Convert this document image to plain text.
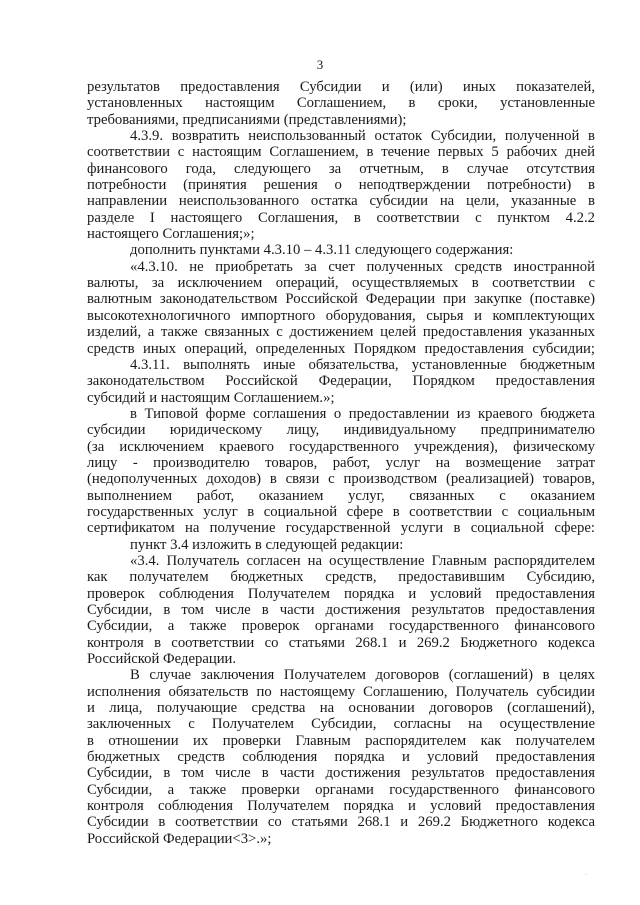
3

результатов предоставления Субсидии и (или) иных показателей,

установленных настоящим Соглашением, в сроки, установленные

требованиями, предписаниями (представлениями);

4.3.9. возвратить неиспользованный остаток Субсидии, полученной в

соответствии с настоящим Соглашением, в течение первых 5 рабочих дней

финансового года, следующего за отчетным, в случае отсутствия

потребности (принятия решения о неподтверждении потребности) в

направлении неиспользованного остатка субсидии на цели, указанные в

разделе I настоящего Соглашения, в соответствии с пунктом 4.2.2

настоящего Соглашения;»;

дополнить пунктами 4.3.10 – 4.3.11 следующего содержания:

«4.3.10. не приобретать за счет полученных средств иностранной

валюты, за исключением операций, осуществляемых в соответствии с

валютным законодательством Российской Федерации при закупке (поставке)

высокотехнологичного импортного оборудования, сырья и комплектующих

изделий, а также связанных с достижением целей предоставления указанных

средств иных операций, определенных Порядком предоставления субсидии;

4.3.11. выполнять иные обязательства, установленные бюджетным

законодательством Российской Федерации, Порядком предоставления

субсидий и настоящим Соглашением.»;

в Типовой форме соглашения о предоставлении из краевого бюджета

субсидии юридическому лицу, индивидуальному предпринимателю

(за исключением краевого государственного учреждения), физическому

лицу - производителю товаров, работ, услуг на возмещение затрат

(недополученных доходов) в связи с производством (реализацией) товаров,

выполнением работ, оказанием услуг, связанных с оказанием

государственных услуг в социальной сфере в соответствии с социальным

сертификатом на получение государственной услуги в социальной сфере:

пункт 3.4 изложить в следующей редакции:

«3.4. Получатель согласен на осуществление Главным распорядителем

как получателем бюджетных средств, предоставившим Субсидию,

проверок соблюдения Получателем порядка и условий предоставления

Субсидии, в том числе в части достижения результатов предоставления

Субсидии, а также проверок органами государственного финансового

контроля в соответствии со статьями 268.1 и 269.2 Бюджетного кодекса

Российской Федерации.

В случае заключения Получателем договоров (соглашений) в целях

исполнения обязательств по настоящему Соглашению, Получатель субсидии

и лица, получающие средства на основании договоров (соглашений),

заключенных с Получателем Субсидии, согласны на осуществление

в отношении их проверки Главным распорядителем как получателем

бюджетных средств соблюдения порядка и условий предоставления

Субсидии, в том числе в части достижения результатов предоставления

Субсидии, а также проверки органами государственного финансового

контроля соблюдения Получателем порядка и условий предоставления

Субсидии в соответствии со статьями 268.1 и 269.2 Бюджетного кодекса

Российской Федерации<3>.»;

·
